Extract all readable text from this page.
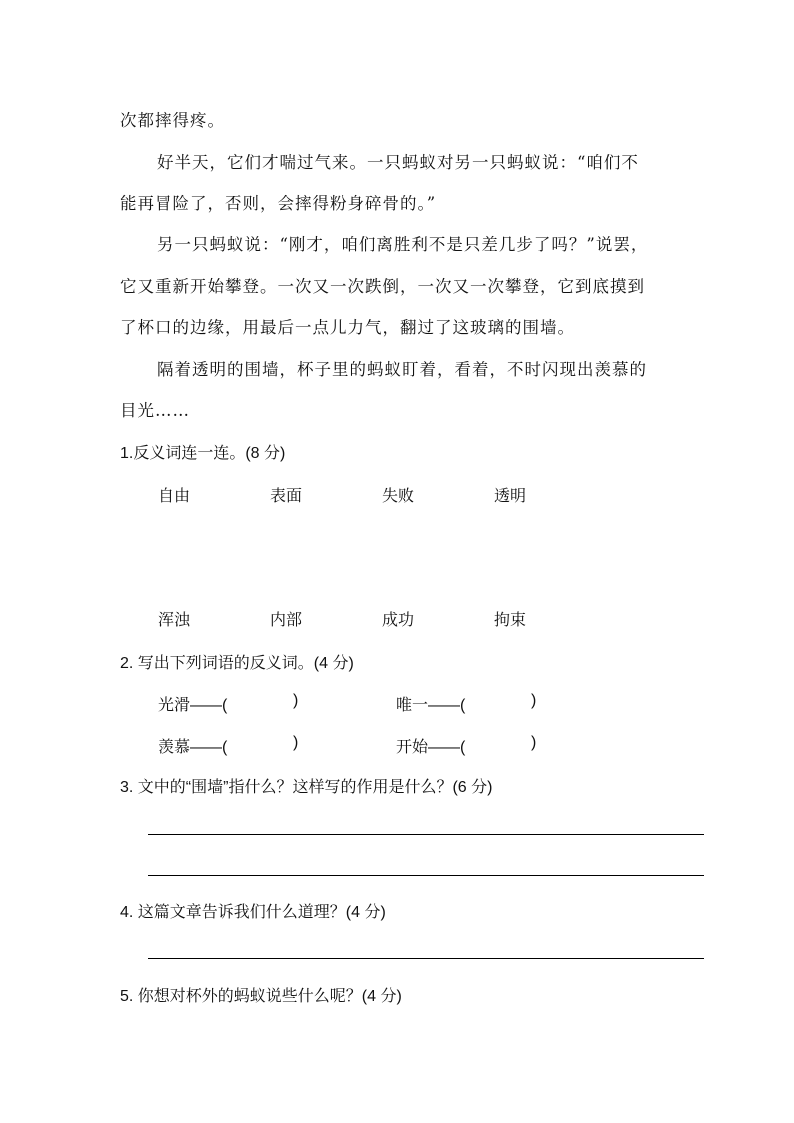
次都摔得疼。
好半天，它们才喘过气来。一只蚂蚁对另一只蚂蚁说：“咱们不
能再冒险了，否则，会摔得粉身碎骨的。”
另一只蚂蚁说：“刚才，咱们离胜利不是只差几步了吗？”说罢，
它又重新开始攀登。一次又一次跌倒，一次又一次攀登，它到底摸到
了杯口的边缘，用最后一点儿力气，翻过了这玻璃的围墙。
隔着透明的围墙，杯子里的蚂蚁盯着，看着，不时闪现出羡慕的
目光……
1.反义词连一连。(8 分)
自由	表面	失败	透明
浑浊	内部	成功	拘束
2. 写出下列词语的反义词。(4 分)
光滑——(	)	唯一——(	)
羡慕——(	)	开始——(	)
3. 文中的“围墙”指什么？这样写的作用是什么？(6 分)
4. 这篇文章告诉我们什么道理？(4 分)
5. 你想对杯外的蚂蚁说些什么呢？(4 分)
